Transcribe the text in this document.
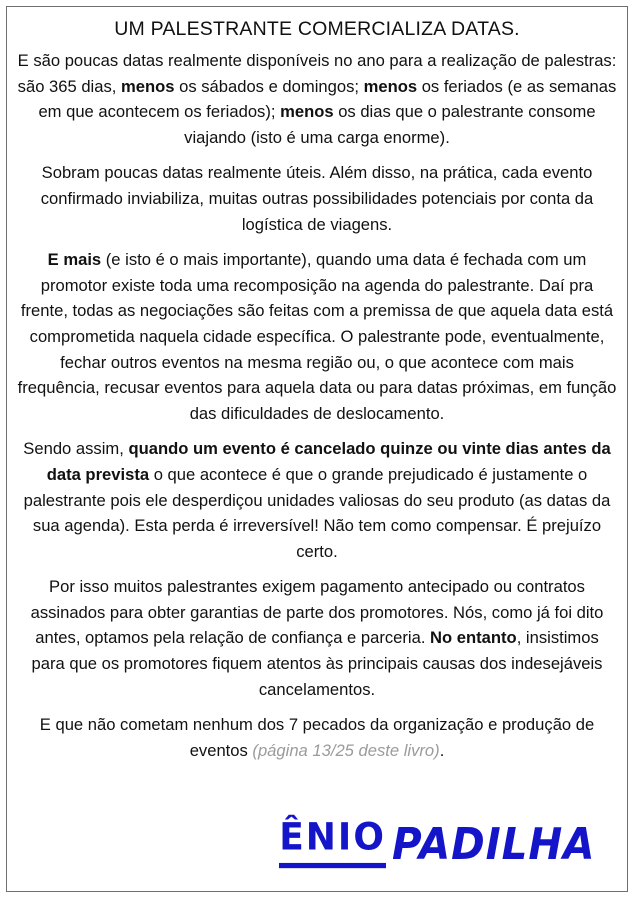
UM PALESTRANTE COMERCIALIZA DATAS.

E são poucas datas realmente disponíveis no ano para a realização de palestras: são 365 dias, menos os sábados e domingos; menos os feriados (e as semanas em que acontecem os feriados); menos os dias que o palestrante consome viajando (isto é uma carga enorme).

Sobram poucas datas realmente úteis. Além disso, na prática, cada evento confirmado inviabiliza, muitas outras possibilidades potenciais por conta da logística de viagens.

E mais (e isto é o mais importante), quando uma data é fechada com um promotor existe toda uma recomposição na agenda do palestrante. Daí pra frente, todas as negociações são feitas com a premissa de que aquela data está comprometida naquela cidade específica. O palestrante pode, eventualmente, fechar outros eventos na mesma região ou, o que acontece com mais frequência, recusar eventos para aquela data ou para datas próximas, em função das dificuldades de deslocamento.

Sendo assim, quando um evento é cancelado quinze ou vinte dias antes da data prevista o que acontece é que o grande prejudicado é justamente o palestrante pois ele desperdiçou unidades valiosas do seu produto (as datas da sua agenda). Esta perda é irreversível! Não tem como compensar. É prejuízo certo.

Por isso muitos palestrantes exigem pagamento antecipado ou contratos assinados para obter garantias de parte dos promotores. Nós, como já foi dito antes, optamos pela relação de confiança e parceria. No entanto, insistimos para que os promotores fiquem atentos às principais causas dos indesejáveis cancelamentos.

E que não cometam nenhum dos 7 pecados da organização e produção de eventos (página 13/25 deste livro).

ÊNIO PADILHA
